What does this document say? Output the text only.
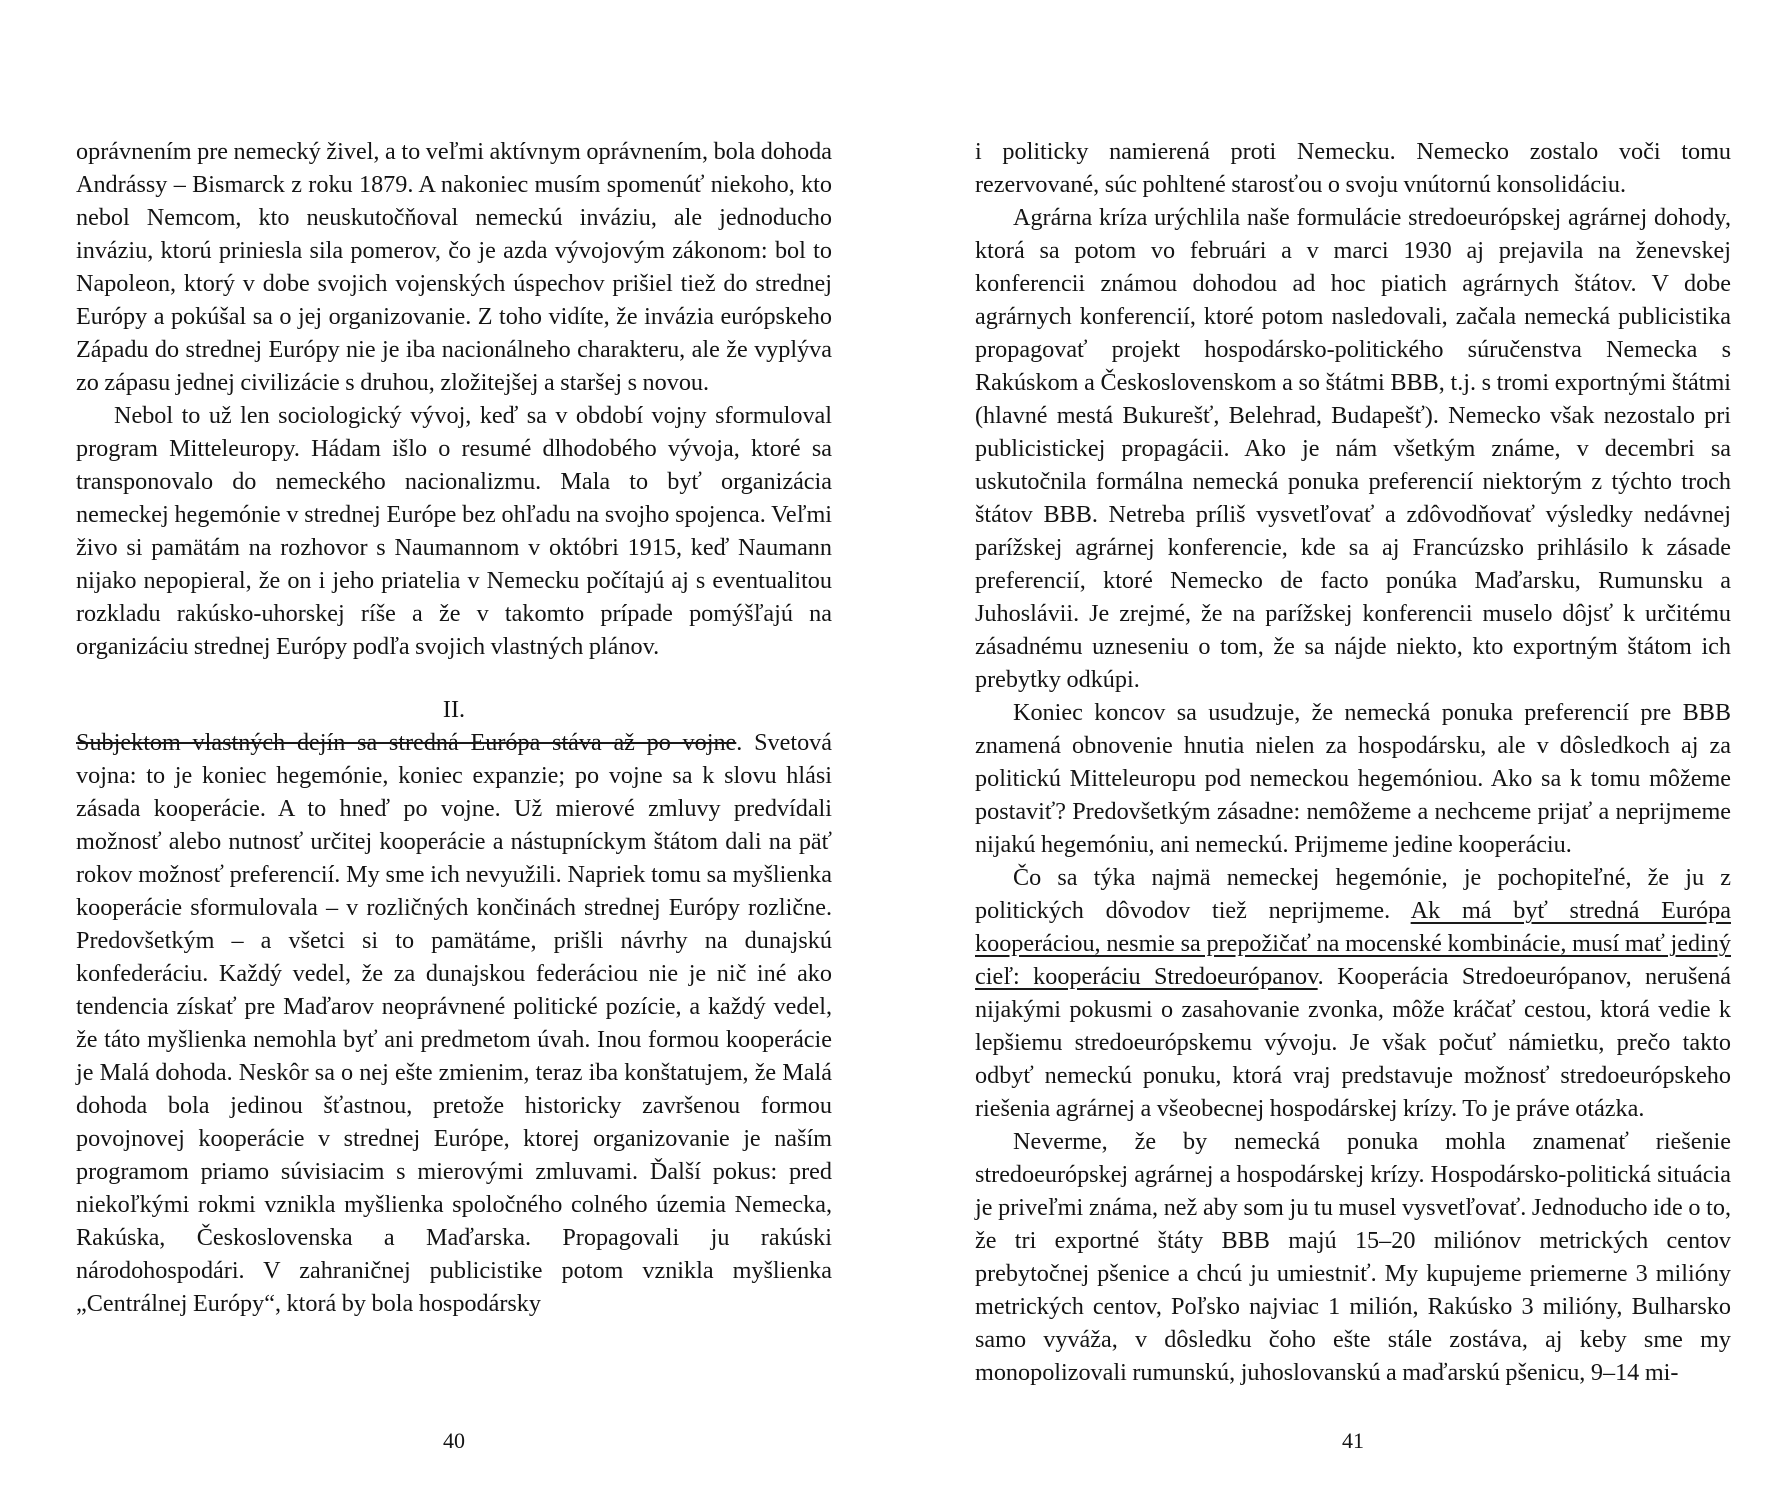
oprávnením pre nemecký živel, a to veľmi aktívnym oprávnením, bola dohoda Andrássy – Bismarck z roku 1879. A nakoniec musím spomenúť niekoho, kto nebol Nemcom, kto neuskutočňoval nemeckú inváziu, ale jednoducho inváziu, ktorú priniesla sila pomerov, čo je azda vývojovým zákonom: bol to Napoleon, ktorý v dobe svojich vojenských úspechov prišiel tiež do strednej Európy a pokúšal sa o jej organizovanie. Z toho vidíte, že invázia európskeho Západu do strednej Európy nie je iba nacionálneho charakteru, ale že vyplýva zo zápasu jednej civilizácie s druhou, zložitejšej a staršej s novou.

Nebol to už len sociologický vývoj, keď sa v období vojny sformuloval program Mitteleuropy. Hádam išlo o resumé dlhodobého vývoja, ktoré sa transponovalo do nemeckého nacionalizmu. Mala to byť organizácia nemeckej hegemónie v strednej Európe bez ohľadu na svojho spojenca. Veľmi živo si pamätám na rozhovor s Naumannom v októbri 1915, keď Naumann nijako nepopieral, že on i jeho priatelia v Nemecku počítajú aj s eventualitou rozkladu rakúsko-uhorskej ríše a že v takomto prípade pomýšľajú na organizáciu strednej Európy podľa svojich vlastných plánov.

II.

Subjektom vlastných dejín sa stredná Európa stáva až po vojne. Svetová vojna: to je koniec hegemónie, koniec expanzie; po vojne sa k slovu hlási zásada kooperácie. A to hneď po vojne. Už mierové zmluvy predvídali možnosť alebo nutnosť určitej kooperácie a nástupníckym štátom dali na päť rokov možnosť preferencií. My sme ich nevyužili. Napriek tomu sa myšlienka kooperácie sformulovala – v rozličných končinách strednej Európy rozlične. Predovšetkým – a všetci si to pamätáme, prišli návrhy na dunajskú konfederáciu. Každý vedel, že za dunajskou federáciou nie je nič iné ako tendencia získať pre Maďarov neoprávnené politické pozície, a každý vedel, že táto myšlienka nemohla byť ani predmetom úvah. Inou formou kooperácie je Malá dohoda. Neskôr sa o nej ešte zmienim, teraz iba konštatujem, že Malá dohoda bola jedinou šťastnou, pretože historicky završenou formou povojnovej kooperácie v strednej Európe, ktorej organizovanie je naším programom priamo súvisiacim s mierovými zmluvami. Ďalší pokus: pred niekoľkými rokmi vznikla myšlienka spoločného colného územia Nemecka, Rakúska, Československa a Maďarska. Propagovali ju rakúski národohospodári. V zahraničnej publicistike potom vznikla myšlienka „Centrálnej Európy“, ktorá by bola hospodársky

40

i politicky namierená proti Nemecku. Nemecko zostalo voči tomu rezervované, súc pohltené starosťou o svoju vnútornú konsolidáciu.

Agrárna kríza urýchlila naše formulácie stredoeurópskej agrárnej dohody, ktorá sa potom vo februári a v marci 1930 aj prejavila na ženevskej konferencii známou dohodou ad hoc piatich agrárnych štátov. V dobe agrárnych konferencií, ktoré potom nasledovali, začala nemecká publicistika propagovať projekt hospodársko-politického súručenstva Nemecka s Rakúskom a Československom a so štátmi BBB, t.j. s tromi exportnými štátmi (hlavné mestá Bukurešť, Belehrad, Budapešť). Nemecko však nezostalo pri publicistickej propagácii. Ako je nám všetkým známe, v decembri sa uskutočnila formálna nemecká ponuka preferencií niektorým z týchto troch štátov BBB. Netreba príliš vysvetľovať a zdôvodňovať výsledky nedávnej parížskej agrárnej konferencie, kde sa aj Francúzsko prihlásilo k zásade preferencií, ktoré Nemecko de facto ponúka Maďarsku, Rumunsku a Juhoslávii. Je zrejmé, že na parížskej konferencii muselo dôjsť k určitému zásadnému uzneseniu o tom, že sa nájde niekto, kto exportným štátom ich prebytky odkúpi.

Koniec koncov sa usudzuje, že nemecká ponuka preferencií pre BBB znamená obnovenie hnutia nielen za hospodársku, ale v dôsledkoch aj za politickú Mitteleuropu pod nemeckou hegemóniou. Ako sa k tomu môžeme postaviť? Predovšetkým zásadne: nemôžeme a nechceme prijať a neprijmeme nijakú hegemóniu, ani nemeckú. Prijmeme jedine kooperáciu.

Čo sa týka najmä nemeckej hegemónie, je pochopiteľné, že ju z politických dôvodov tiež neprijmeme. Ak má byť stredná Európa kooperáciou, nesmie sa prepožičať na mocenské kombinácie, musí mať jediný cieľ: kooperáciu Stredoeurópanov. Kooperácia Stredoeurópanov, nerušená nijakými pokusmi o zasahovanie zvonka, môže kráčať cestou, ktorá vedie k lepšiemu stredoeurópskemu vývoju. Je však počuť námietku, prečo takto odbyť nemeckú ponuku, ktorá vraj predstavuje možnosť stredoeurópskeho riešenia agrárnej a všeobecnej hospodárskej krízy. To je práve otázka.

Neverme, že by nemecká ponuka mohla znamenať riešenie stredoeurópskej agrárnej a hospodárskej krízy. Hospodársko-politická situácia je priveľmi známa, než aby som ju tu musel vysvetľovať. Jednoducho ide o to, že tri exportné štáty BBB majú 15–20 miliónov metrických centov prebytočnej pšenice a chcú ju umiestniť. My kupujeme priemerne 3 milióny metrických centov, Poľsko najviac 1 milión, Rakúsko 3 milióny, Bulharsko samo vyváža, v dôsledku čoho ešte stále zostáva, aj keby sme my monopolizovali rumunskú, juhoslovanskú a maďarskú pšenicu, 9–14 mi-

41
